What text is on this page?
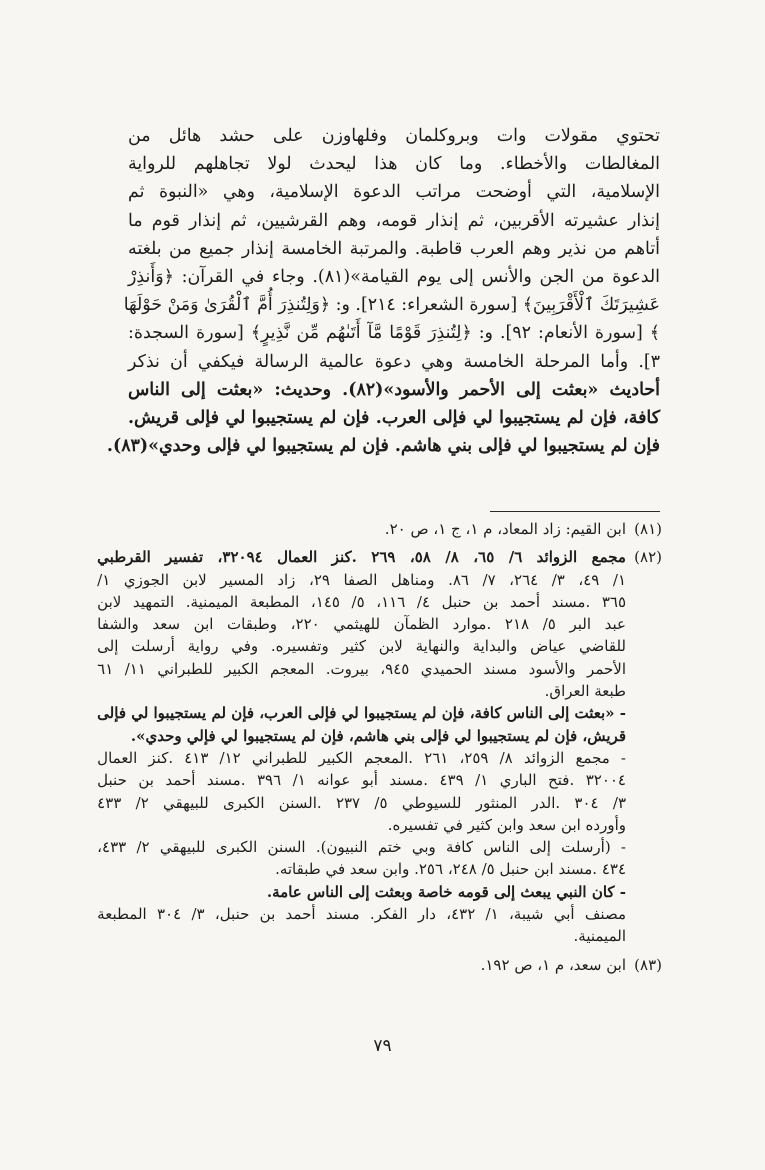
تحتوي مقولات وات وبروكلمان وفلهاوزن على حشد هائل من
المغالطات والأخطاء. وما كان هذا ليحدث لولا تجاهلهم للرواية
الإسلامية، التي أوضحت مراتب الدعوة الإسلامية، وهي «النبوة ثم
إنذار عشيرته الأقربين، ثم إنذار قومه، وهم القرشيين، ثم إنذار قوم ما
أتاهم من نذير وهم العرب قاطبة. والمرتبة الخامسة إنذار جميع من بلغته
الدعوة من الجن والأنس إلى يوم القيامة»(٨١). وجاء في القرآن: ﴿وَأَنذِرْ
عَشِيرَتَكَ ٱلْأَقْرَبِينَ﴾ [سورة الشعراء: ٢١٤]. و: ﴿وَلِتُنذِرَ أُمَّ ٱلْقُرَىٰ وَمَنْ حَوْلَهَا
﴾ [سورة الأنعام: ٩٢]. و: ﴿لِتُنذِرَ قَوْمًا مَّآ أَتَىٰهُم مِّن نَّذِيرٍ﴾ [سورة السجدة:
٣]. وأما المرحلة الخامسة وهي دعوة عالمية الرسالة فيكفي أن نذكر
أحاديث «بعثت إلى الأحمر والأسود»(٨٢). وحديث: «بعثت إلى الناس
كافة، فإن لم يستجيبوا لي فإلى العرب. فإن لم يستجيبوا لي فإلى قريش.
فإن لم يستجيبوا لي فإلى بني هاشم. فإن لم يستجيبوا لي فإلى وحدي»(٨٣).
(٨١)
ابن القيم: زاد المعاد، م ١، ج ١، ص ٢٠.
(٨٢)
مجمع الزوائد ٦/ ٦٥، ٨/ ٥٨، ٢٦٩ .كنز العمال ٣٢٠٩٤، تفسير القرطبي
١/ ٤٩، ٣/ ٢٦٤، ٧/ ٨٦. ومناهل الصفا ٢٩، زاد المسير لابن الجوزي ١/
٣٦٥ .مسند أحمد بن حنبل ٤/ ١١٦، ٥/ ١٤٥، المطبعة الميمنية. التمهيد لابن
عبد البر ٥/ ٢١٨ .موارد الظمآن للهيثمي ٢٢٠، وطبقات ابن سعد والشفا
للقاضي عياض والبداية والنهاية لابن كثير وتفسيره. وفي رواية أرسلت إلى
الأحمر والأسود مسند الحميدي ٩٤٥، بيروت. المعجم الكبير للطبراني ١١/ ٦١
طبعة العراق.
- «بعثت إلى الناس كافة، فإن لم يستجيبوا لي فإلى العرب، فإن لم يستجيبوا لي فإلى
قريش، فإن لم يستجيبوا لي فإلى بني هاشم، فإن لم يستجيبوا لي فإلي وحدي».
- مجمع الزوائد ٨/ ٢٥٩، ٢٦١ .المعجم الكبير للطبراني ١٢/ ٤١٣ .كنز العمال
٣٢٠٠٤ .فتح الباري ١/ ٤٣٩ .مسند أبو عوانه ١/ ٣٩٦ .مسند أحمد بن حنبل
٣/ ٣٠٤ .الدر المنثور للسيوطي ٥/ ٢٣٧ .السنن الكبرى للبيهقي ٢/ ٤٣٣
وأورده ابن سعد وابن كثير في تفسيره.
- (أرسلت إلى الناس كافة وبي ختم النبيون). السنن الكبرى للبيهقي ٢/ ٤٣٣،
٤٣٤ .مسند ابن حنبل ٥/ ٢٤٨، ٢٥٦. وابن سعد في طبقاته.
- كان النبي يبعث إلى قومه خاصة وبعثت إلى الناس عامة.
مصنف أبي شيبة، ١/ ٤٣٢، دار الفكر. مسند أحمد بن حنبل، ٣/ ٣٠٤ المطبعة
الميمنية.
(٨٣)
ابن سعد، م ١، ص ١٩٢.
٧٩
